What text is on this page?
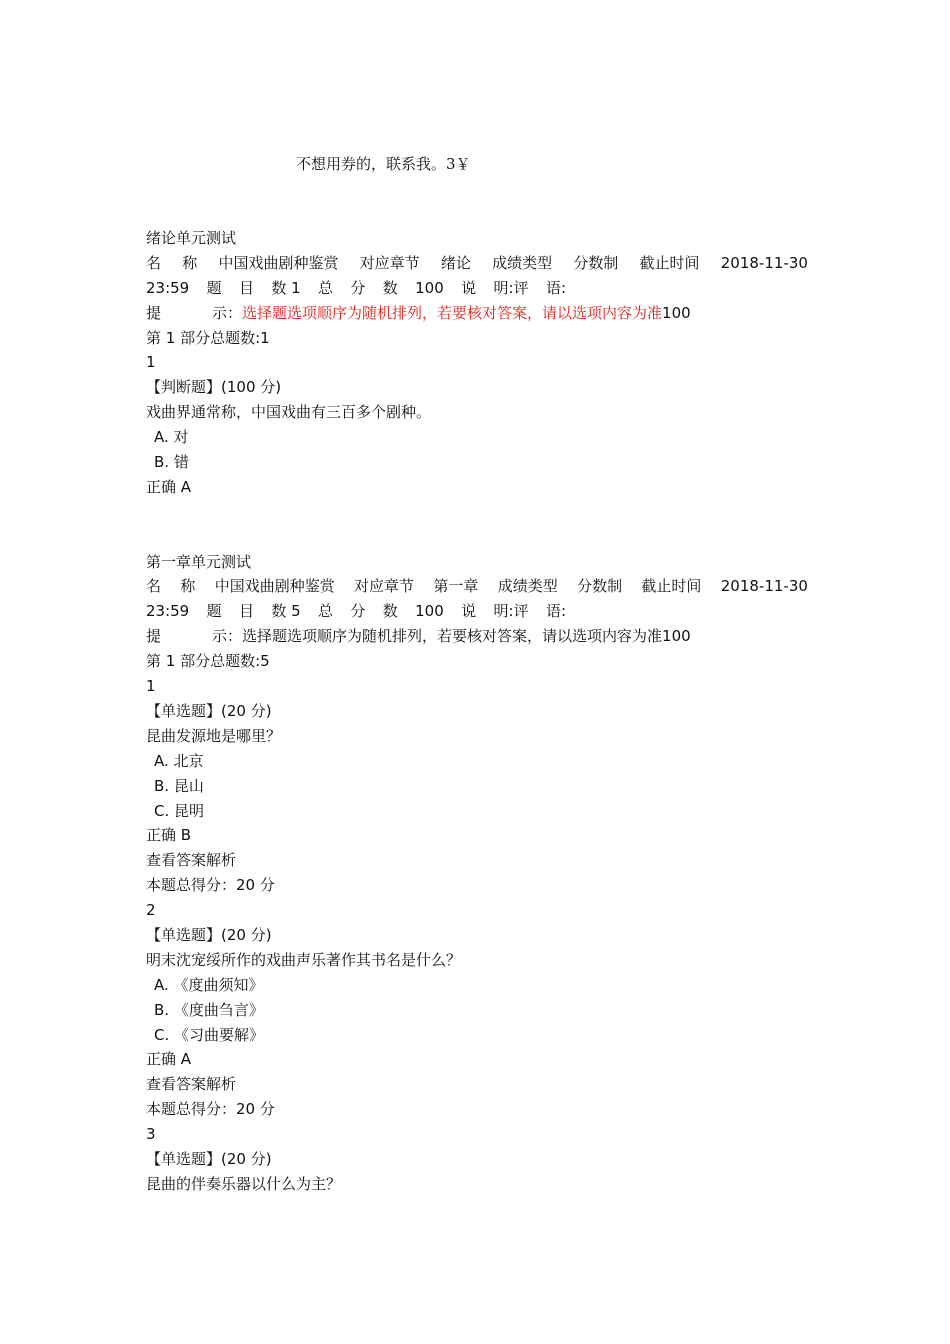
不想用券的，联系我。3￥
绪论单元测试
名 称 中国戏曲剧种鉴赏 对应章节 绪论 成绩类型 分数制 截止时间 2018-11-30
23:59 题 目 数 1 总 分 数 100 说 明:评 语:
提	示：选择题选项顺序为随机排列，若要核对答案，请以选项内容为准100
第 1 部分总题数:1
1
【判断题】(100 分)
戏曲界通常称，中国戏曲有三百多个剧种。
A. 对
B. 错
正确 A
第一章单元测试
名 称 中国戏曲剧种鉴赏 对应章节 第一章 成绩类型 分数制 截止时间 2018-11-30
23:59 题 目 数 5 总 分 数 100 说 明:评 语:
提	示：选择题选项顺序为随机排列，若要核对答案，请以选项内容为准100
第 1 部分总题数:5
1
【单选题】(20 分)
昆曲发源地是哪里？
A. 北京
B. 昆山
C. 昆明
正确 B
查看答案解析
本题总得分：20 分
2
【单选题】(20 分)
明末沈宠绥所作的戏曲声乐著作其书名是什么？
A. 《度曲须知》
B. 《度曲刍言》
C. 《习曲要解》
正确 A
查看答案解析
本题总得分：20 分
3
【单选题】(20 分)
昆曲的伴奏乐器以什么为主？
